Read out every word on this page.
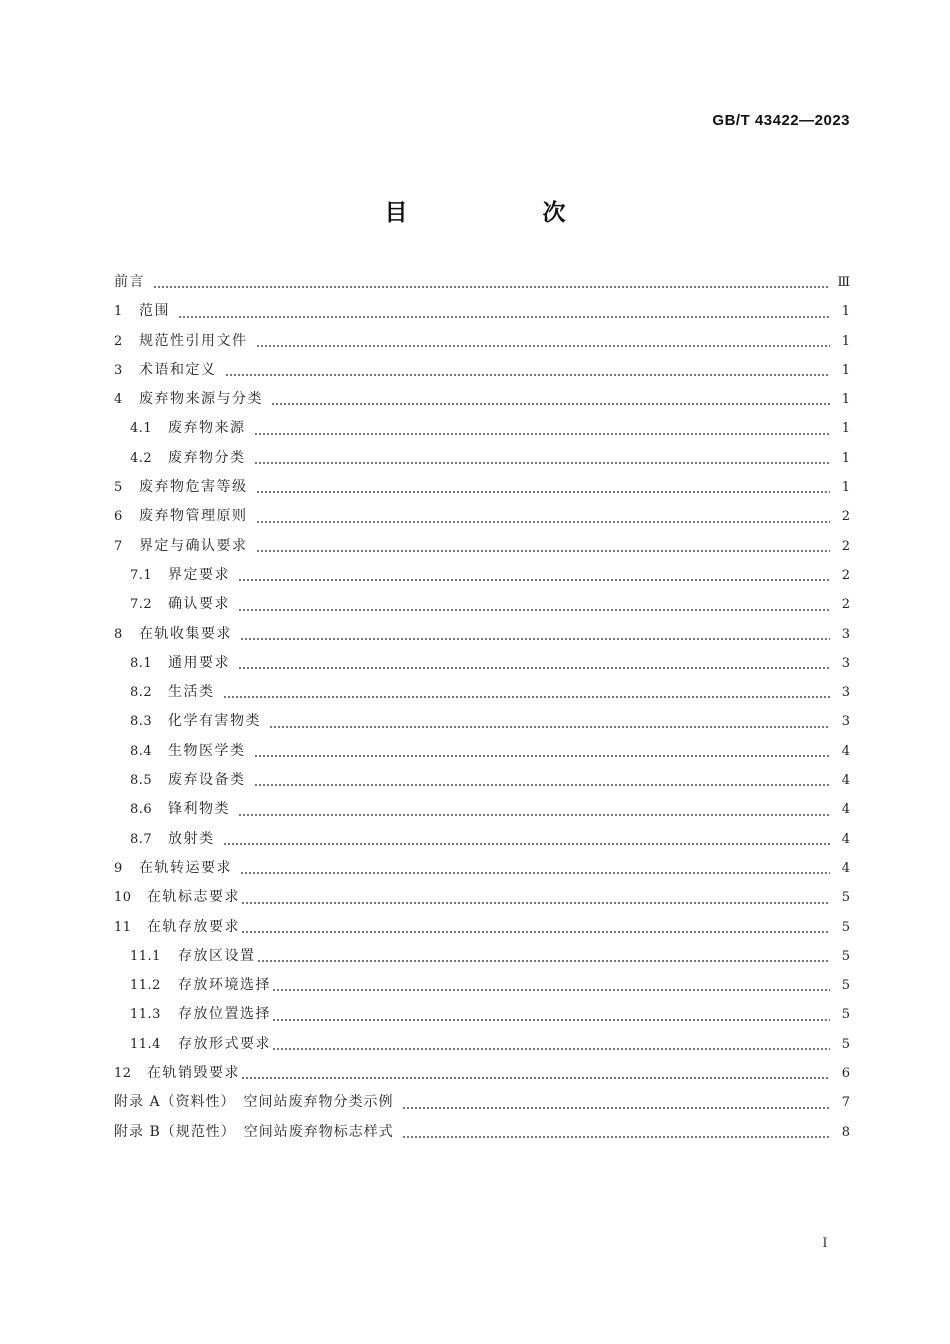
GB/T 43422—2023
目　次
前言	Ⅲ
1	范围	1
2	规范性引用文件	1
3	术语和定义	1
4	废弃物来源与分类	1
4.1	废弃物来源	1
4.2	废弃物分类	1
5	废弃物危害等级	1
6	废弃物管理原则	2
7	界定与确认要求	2
7.1	界定要求	2
7.2	确认要求	2
8	在轨收集要求	3
8.1	通用要求	3
8.2	生活类	3
8.3	化学有害物类	3
8.4	生物医学类	4
8.5	废弃设备类	4
8.6	锋利物类	4
8.7	放射类	4
9	在轨转运要求	4
10	在轨标志要求	5
11	在轨存放要求	5
11.1	存放区设置	5
11.2	存放环境选择	5
11.3	存放位置选择	5
11.4	存放形式要求	5
12	在轨销毁要求	6
附录 A（资料性）　空间站废弃物分类示例	7
附录 B（规范性）　空间站废弃物标志样式	8
Ⅰ
